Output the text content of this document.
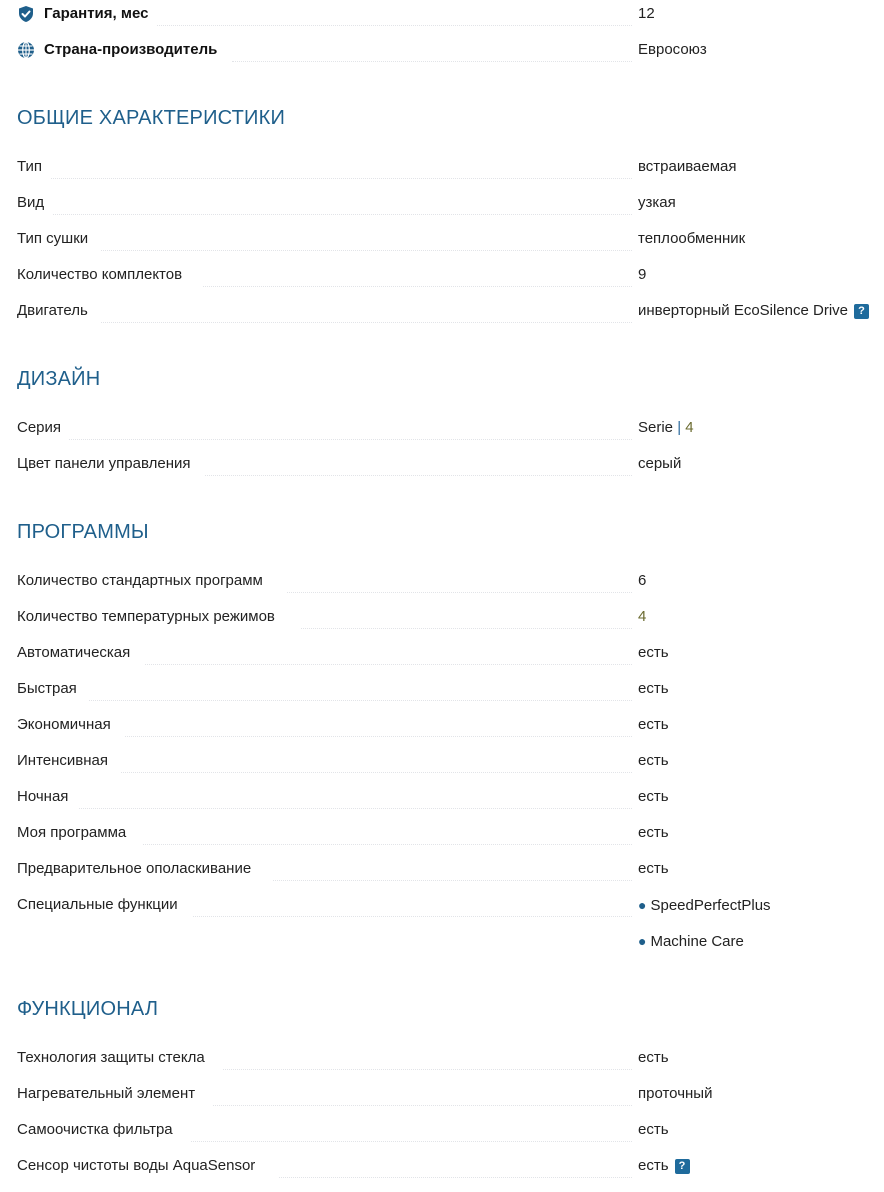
Гарантия, мес	12
Страна-производитель	Евросоюз
ОБЩИЕ ХАРАКТЕРИСТИКИ
Тип	встраиваемая
Вид	узкая
Тип сушки	теплообменник
Количество комплектов	9
Двигатель	инверторный EcoSilence Drive ?
ДИЗАЙН
Серия	Serie | 4
Цвет панели управления	серый
ПРОГРАММЫ
Количество стандартных программ	6
Количество температурных режимов	4
Автоматическая	есть
Быстрая	есть
Экономичная	есть
Интенсивная	есть
Ночная	есть
Моя программа	есть
Предварительное ополаскивание	есть
Специальные функции	● SpeedPerfectPlus
● Machine Care
ФУНКЦИОНАЛ
Технология защиты стекла	есть
Нагревательный элемент	проточный
Самоочистка фильтра	есть
Сенсор чистоты воды AquaSensor	есть ?
